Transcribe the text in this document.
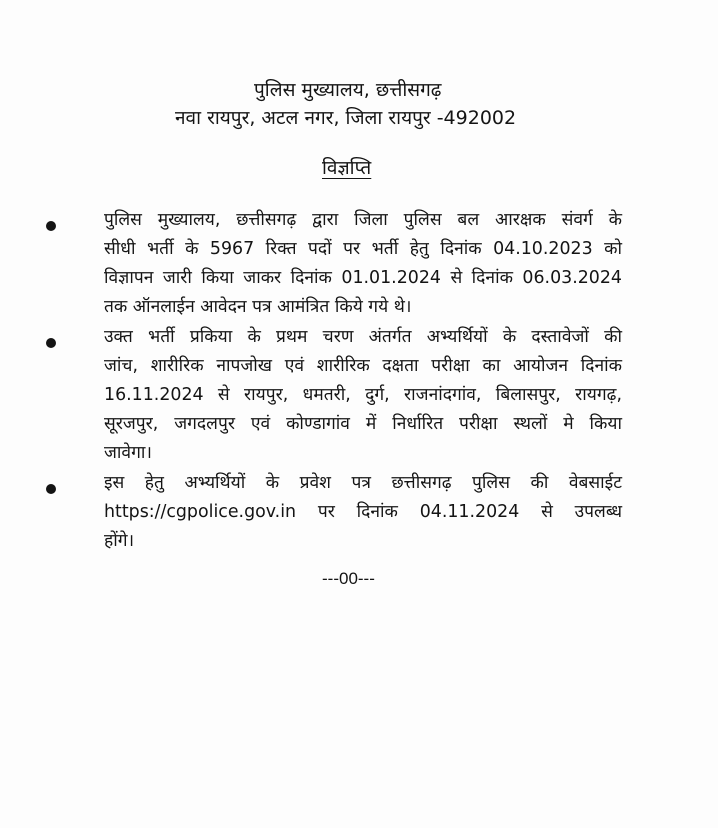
पुलिस मुख्यालय, छत्तीसगढ़
नवा रायपुर, अटल नगर, जिला रायपुर -492002
विज्ञप्ति
पुलिस मुख्यालय, छत्तीसगढ़ द्वारा जिला पुलिस बल आरक्षक संवर्ग के
सीधी भर्ती के 5967 रिक्त पदों पर भर्ती हेतु दिनांक 04.10.2023 को
विज्ञापन जारी किया जाकर दिनांक 01.01.2024 से दिनांक 06.03.2024
तक ऑनलाईन आवेदन पत्र आमंत्रित किये गये थे।
उक्त भर्ती प्रकिया के प्रथम चरण अंतर्गत अभ्यर्थियों के दस्तावेजों की
जांच, शारीरिक नापजोख एवं शारीरिक दक्षता परीक्षा का आयोजन दिनांक
16.11.2024 से रायपुर, धमतरी, दुर्ग, राजनांदगांव, बिलासपुर, रायगढ़,
सूरजपुर, जगदलपुर एवं कोण्डागांव में निर्धारित परीक्षा स्थलों मे किया
जावेगा।
इस हेतु अभ्यर्थियों के प्रवेश पत्र छत्तीसगढ़ पुलिस की वेबसाईट
https://cgpolice.gov.in पर दिनांक 04.11.2024 से उपलब्ध
होंगे।
---00---
